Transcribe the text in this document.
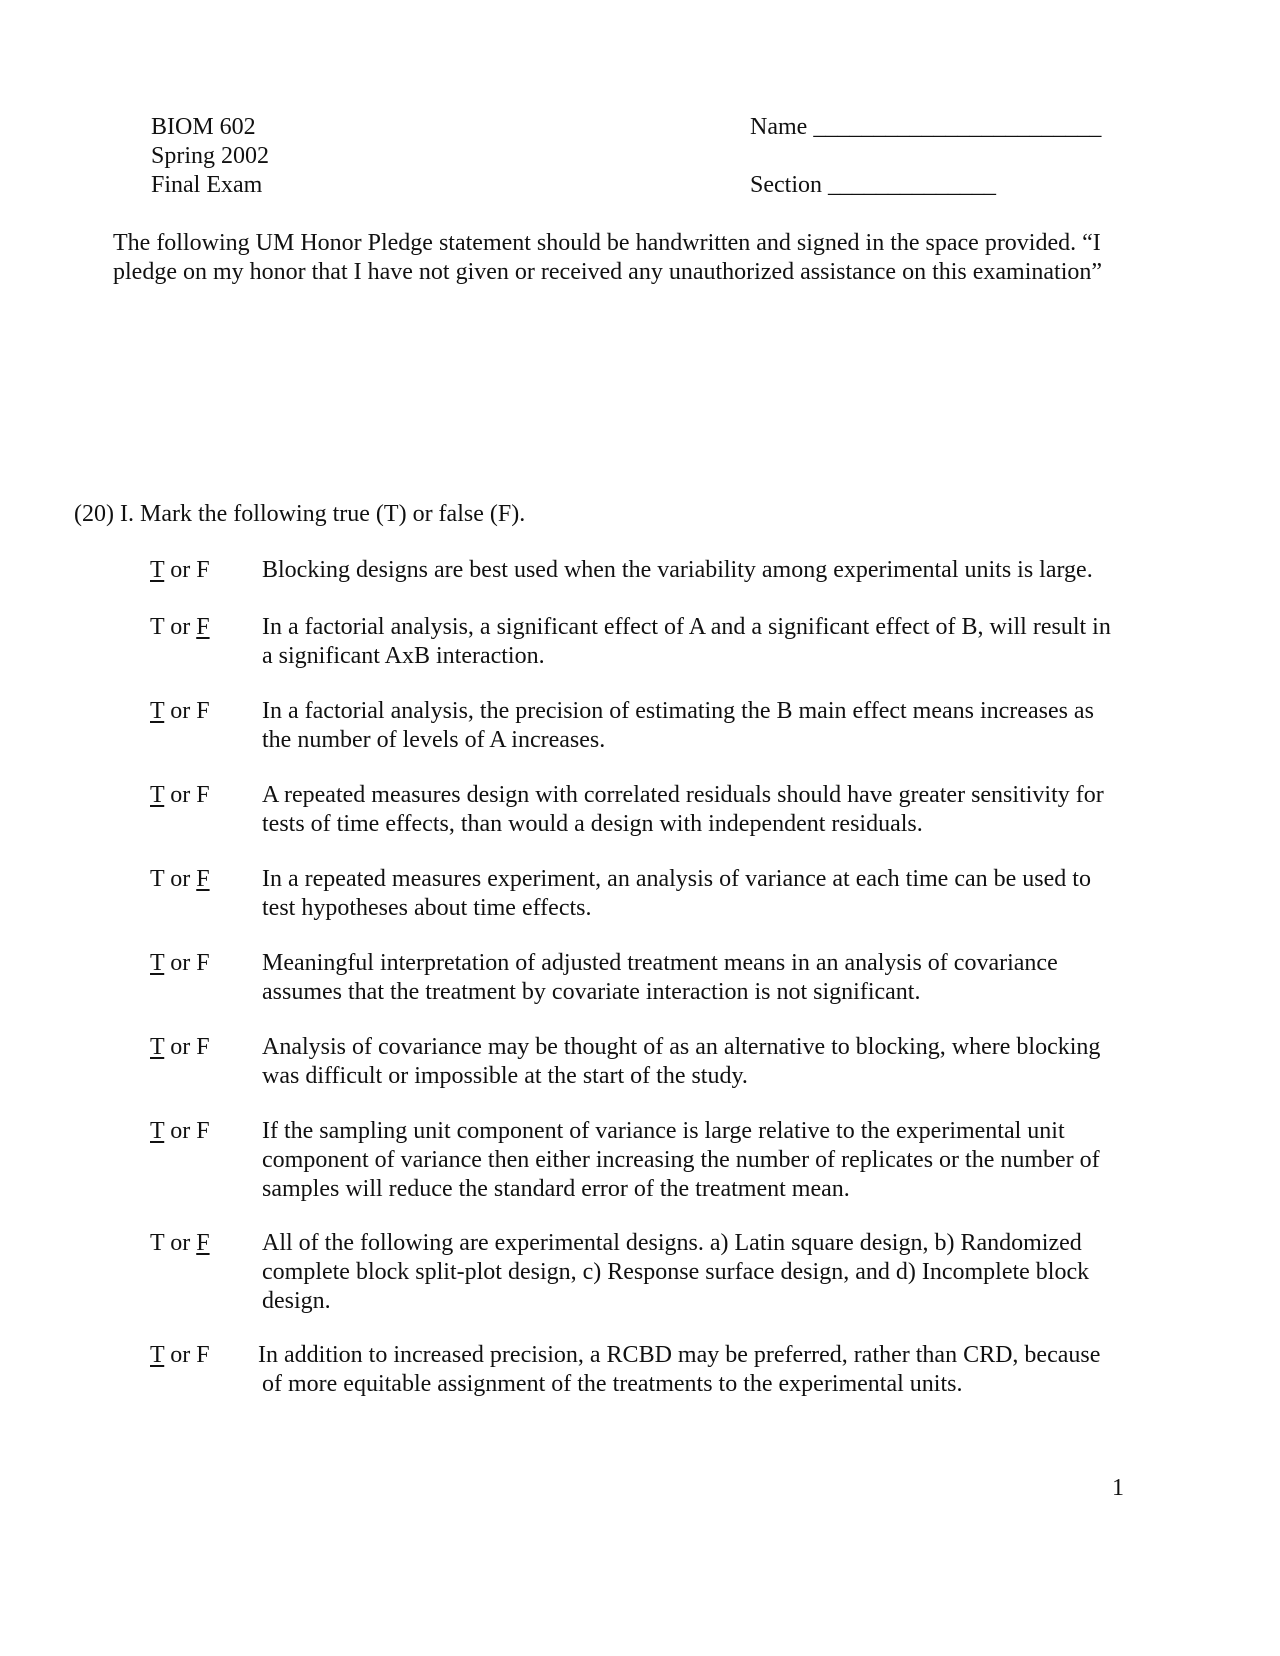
BIOM 602
Spring 2002
Final Exam
Name ________________________
Section ______________
The following UM Honor Pledge statement should be handwritten and signed in the space provided. “I
pledge on my honor that I have not given or received any unauthorized assistance on this examination”
(20) I. Mark the following true (T) or false (F).
T or F Blocking designs are best used when the variability among experimental units is large.
T or F In a factorial analysis, a significant effect of A and a significant effect of B, will result in
a significant AxB interaction.
T or F In a factorial analysis, the precision of estimating the B main effect means increases as
the number of levels of A increases.
T or F A repeated measures design with correlated residuals should have greater sensitivity for
tests of time effects, than would a design with independent residuals.
T or F In a repeated measures experiment, an analysis of variance at each time can be used to
test hypotheses about time effects.
T or F Meaningful interpretation of adjusted treatment means in an analysis of covariance
assumes that the treatment by covariate interaction is not significant.
T or F Analysis of covariance may be thought of as an alternative to blocking, where blocking
was difficult or impossible at the start of the study.
T or F If the sampling unit component of variance is large relative to the experimental unit
component of variance then either increasing the number of replicates or the number of
samples will reduce the standard error of the treatment mean.
T or F All of the following are experimental designs. a) Latin square design, b) Randomized
complete block split-plot design, c) Response surface design, and d) Incomplete block
design.
T or F In addition to increased precision, a RCBD may be preferred, rather than CRD, because
of more equitable assignment of the treatments to the experimental units.
1
